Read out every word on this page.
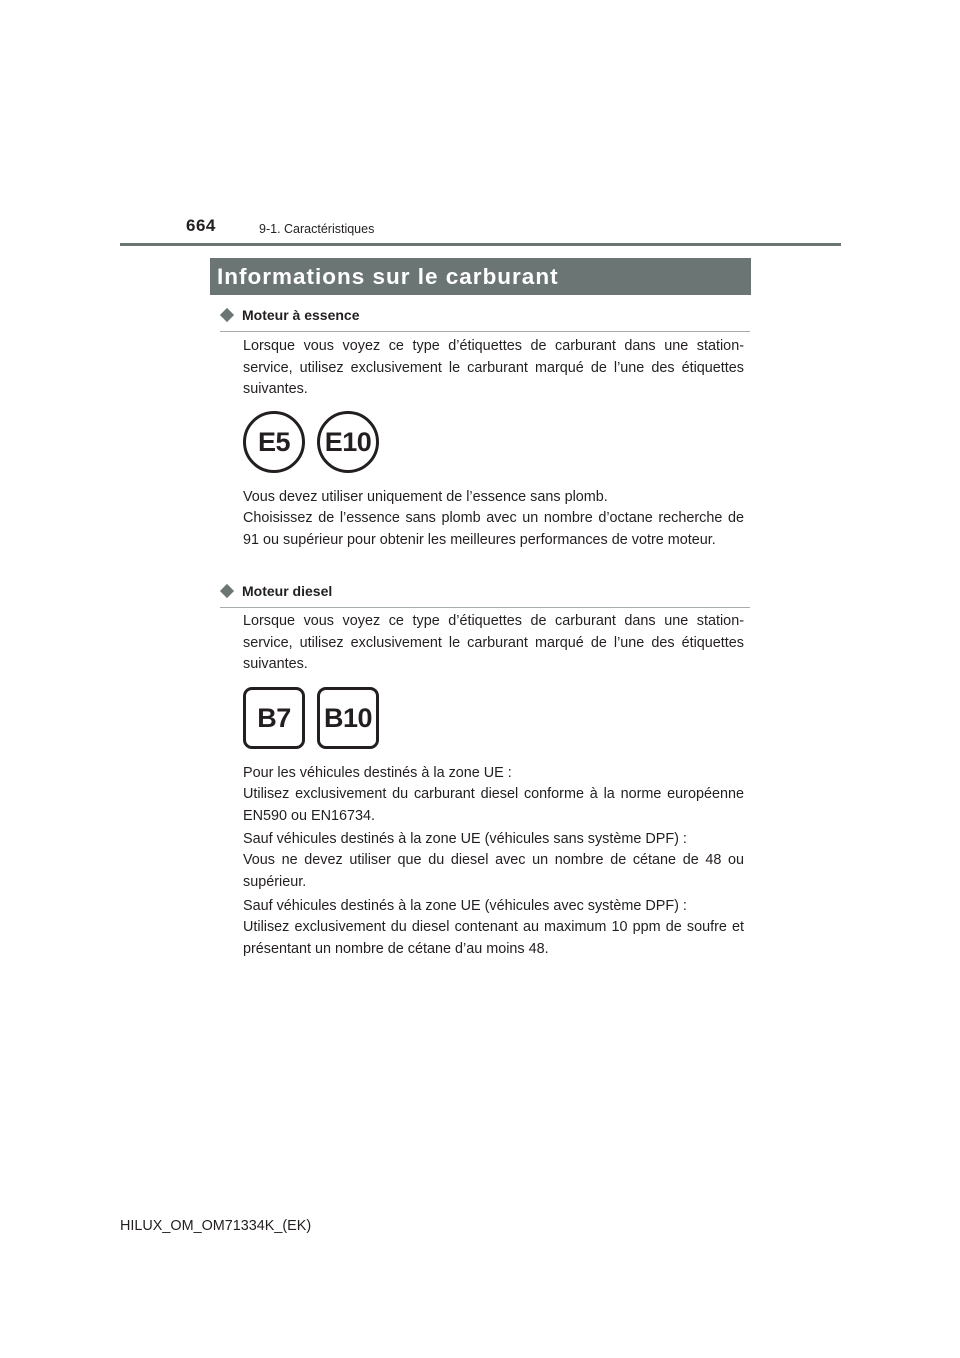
664	9-1. Caractéristiques
Informations sur le carburant
Moteur à essence

Lorsque vous voyez ce type d’étiquettes de carburant dans une station-service, utilisez exclusivement le carburant marqué de l’une des étiquettes suivantes.

E5	E10

Vous devez utiliser uniquement de l’essence sans plomb.

Choisissez de l’essence sans plomb avec un nombre d’octane recherche de 91 ou supérieur pour obtenir les meilleures performances de votre moteur.

Moteur diesel

Lorsque vous voyez ce type d’étiquettes de carburant dans une station-service, utilisez exclusivement le carburant marqué de l’une des étiquettes suivantes.

B7	B10

Pour les véhicules destinés à la zone UE :

Utilisez exclusivement du carburant diesel conforme à la norme européenne EN590 ou EN16734.

Sauf véhicules destinés à la zone UE (véhicules sans système DPF) :

Vous ne devez utiliser que du diesel avec un nombre de cétane de 48 ou supérieur.

Sauf véhicules destinés à la zone UE (véhicules avec système DPF) :

Utilisez exclusivement du diesel contenant au maximum 10 ppm de soufre et présentant un nombre de cétane d’au moins 48.

HILUX_OM_OM71334K_(EK)
